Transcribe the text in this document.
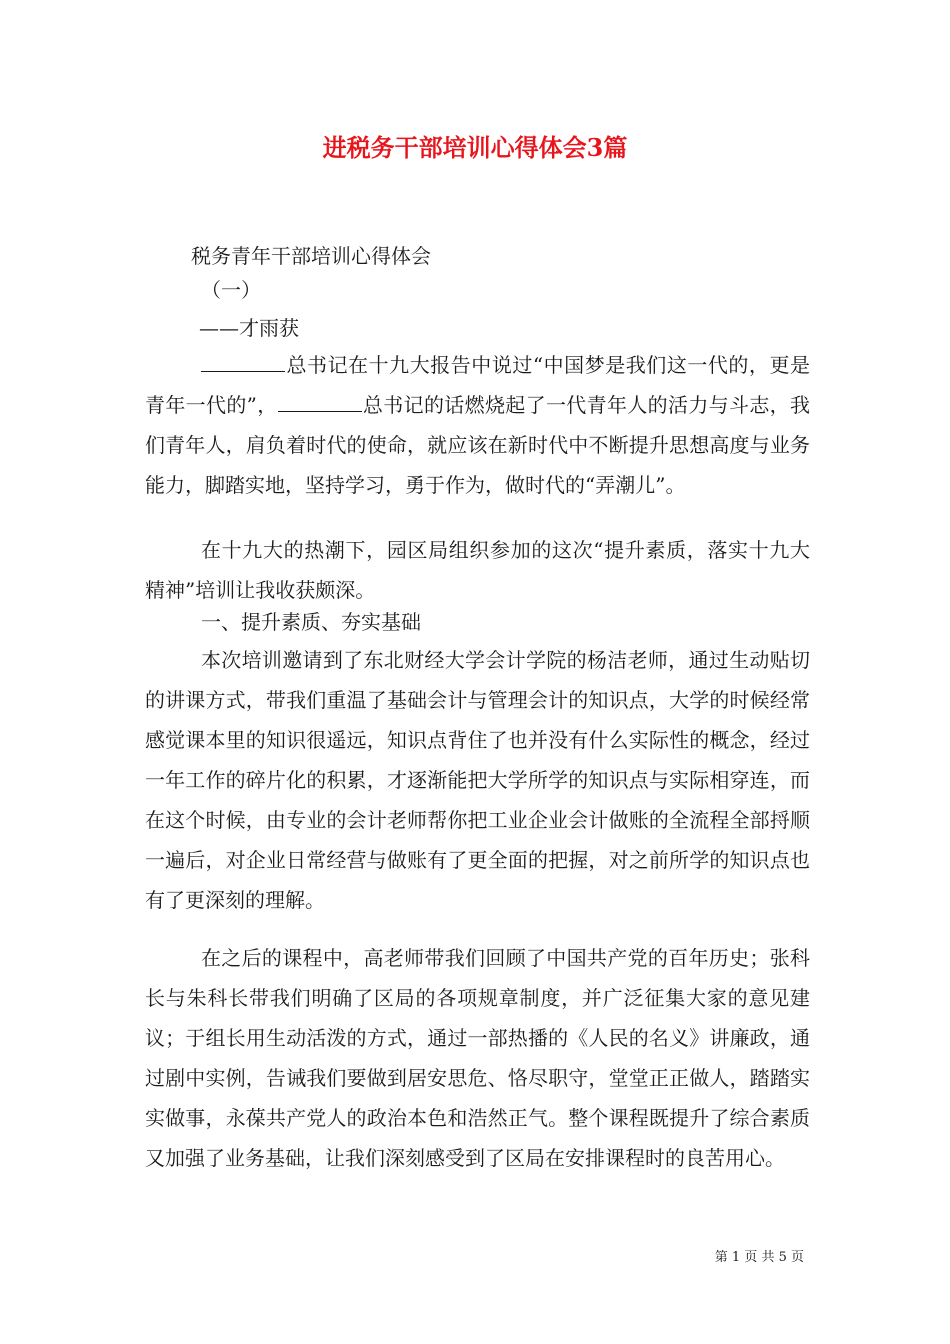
进税务干部培训心得体会3篇
税务青年干部培训心得体会
（一）
——才雨获

总书记在十九大报告中说过“中国梦是我们这一代的，更是青年一代的”，	总书记的话燃烧起了一代青年人的活力与斗志，我们青年人，肩负着时代的使命，就应该在新时代中不断提升思想高度与业务能力，脚踏实地，坚持学习，勇于作为，做时代的“弄潮儿”。

在十九大的热潮下，园区局组织参加的这次“提升素质，落实十九大精神”培训让我收获颇深。

一、提升素质、夯实基础

本次培训邀请到了东北财经大学会计学院的杨洁老师，通过生动贴切的讲课方式，带我们重温了基础会计与管理会计的知识点，大学的时候经常感觉课本里的知识很遥远，知识点背住了也并没有什么实际性的概念，经过一年工作的碎片化的积累，才逐渐能把大学所学的知识点与实际相穿连，而在这个时候，由专业的会计老师帮你把工业企业会计做账的全流程全部捋顺一遍后，对企业日常经营与做账有了更全面的把握，对之前所学的知识点也有了更深刻的理解。

在之后的课程中，高老师带我们回顾了中国共产党的百年历史；张科长与朱科长带我们明确了区局的各项规章制度，并广泛征集大家的意见建议；于组长用生动活泼的方式，通过一部热播的《人民的名义》讲廉政，通过剧中实例，告诫我们要做到居安思危、恪尽职守，堂堂正正做人，踏踏实实做事，永葆共产党人的政治本色和浩然正气。整个课程既提升了综合素质又加强了业务基础，让我们深刻感受到了区局在安排课程时的良苦用心。

第 1 页 共 5 页
